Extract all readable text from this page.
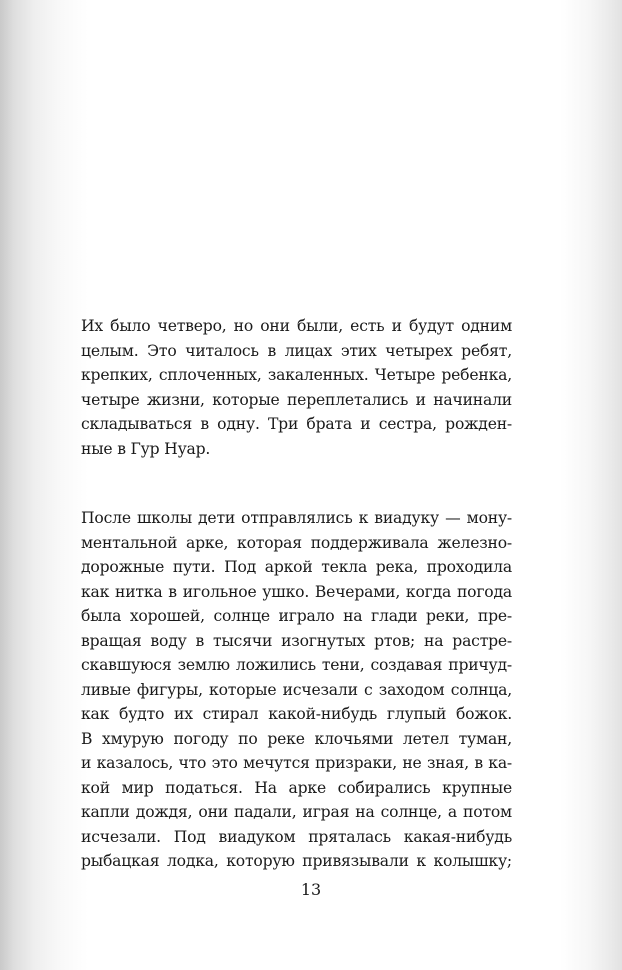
Их было четверо, но они были, есть и будут одним
целым. Это читалось в лицах этих четырех ребят,
крепких, сплоченных, закаленных. Четыре ребенка,
четыре жизни, которые переплетались и начинали
складываться в одну. Три брата и сестра, рожден-
ные в Гур Нуар.
После школы дети отправлялись к виадуку — мону-
ментальной арке, которая поддерживала железно-
дорожные пути. Под аркой текла река, проходила
как нитка в игольное ушко. Вечерами, когда погода
была хорошей, солнце играло на глади реки, пре-
вращая воду в тысячи изогнутых ртов; на растре-
скавшуюся землю ложились тени, создавая причуд-
ливые фигуры, которые исчезали с заходом солнца,
как будто их стирал какой-нибудь глупый божок.
В хмурую погоду по реке клочьями летел туман,
и казалось, что это мечутся призраки, не зная, в ка-
кой мир податься. На арке собирались крупные
капли дождя, они падали, играя на солнце, а потом
исчезали. Под виадуком пряталась какая-нибудь
рыбацкая лодка, которую привязывали к колышку;
13
